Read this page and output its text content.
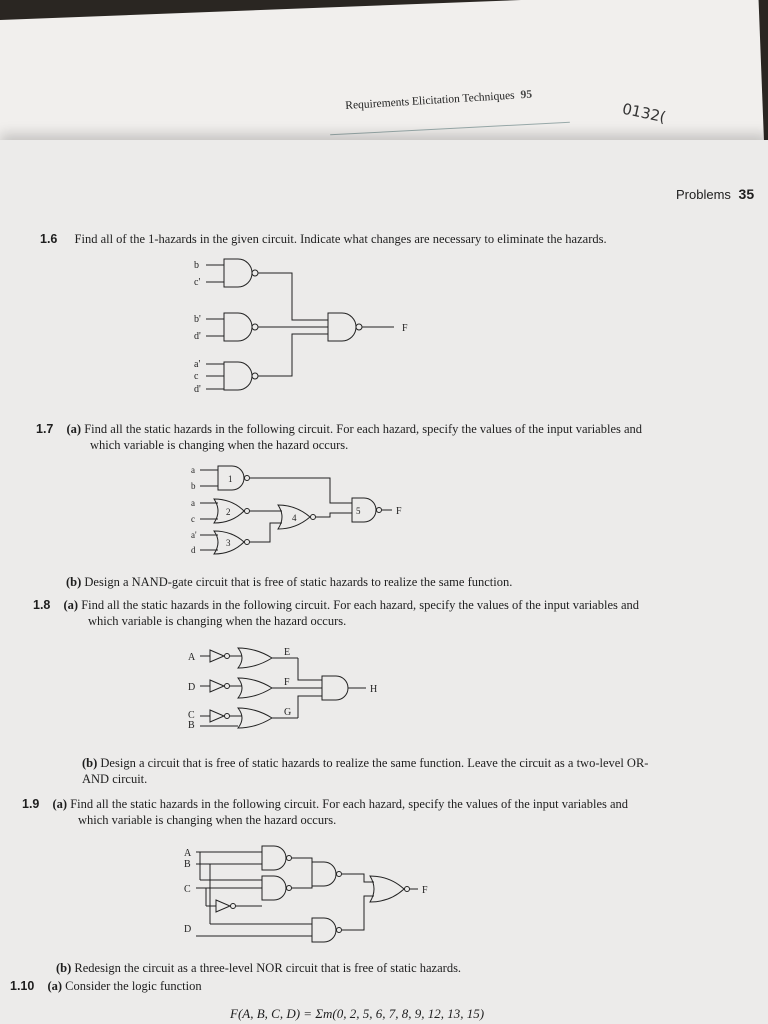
Requirements Elicitation Techniques 95
0132(
Problems 35
1.6 Find all of the 1-hazards in the given circuit. Indicate what changes are necessary to eliminate the hazards.
b
c'
b'
d'
a'
c
d'
F
1.7 (a) Find all the static hazards in the following circuit. For each hazard, specify the values of the input variables and
which variable is changing when the hazard occurs.
a
b
a
c
a'
d
1
2
3
4
5	F
(b) Design a NAND-gate circuit that is free of static hazards to realize the same function.
1.8 (a) Find all the static hazards in the following circuit. For each hazard, specify the values of the input variables and
which variable is changing when the hazard occurs.
A
D
C
B
E
F
G
H
(b) Design a circuit that is free of static hazards to realize the same function. Leave the circuit as a two-level OR-
AND circuit.
1.9 (a) Find all the static hazards in the following circuit. For each hazard, specify the values of the input variables and
which variable is changing when the hazard occurs.
A
B
C
D
F
(b) Redesign the circuit as a three-level NOR circuit that is free of static hazards.
1.10 (a) Consider the logic function
F(A, B, C, D) = Σm(0, 2, 5, 6, 7, 8, 9, 12, 13, 15)
